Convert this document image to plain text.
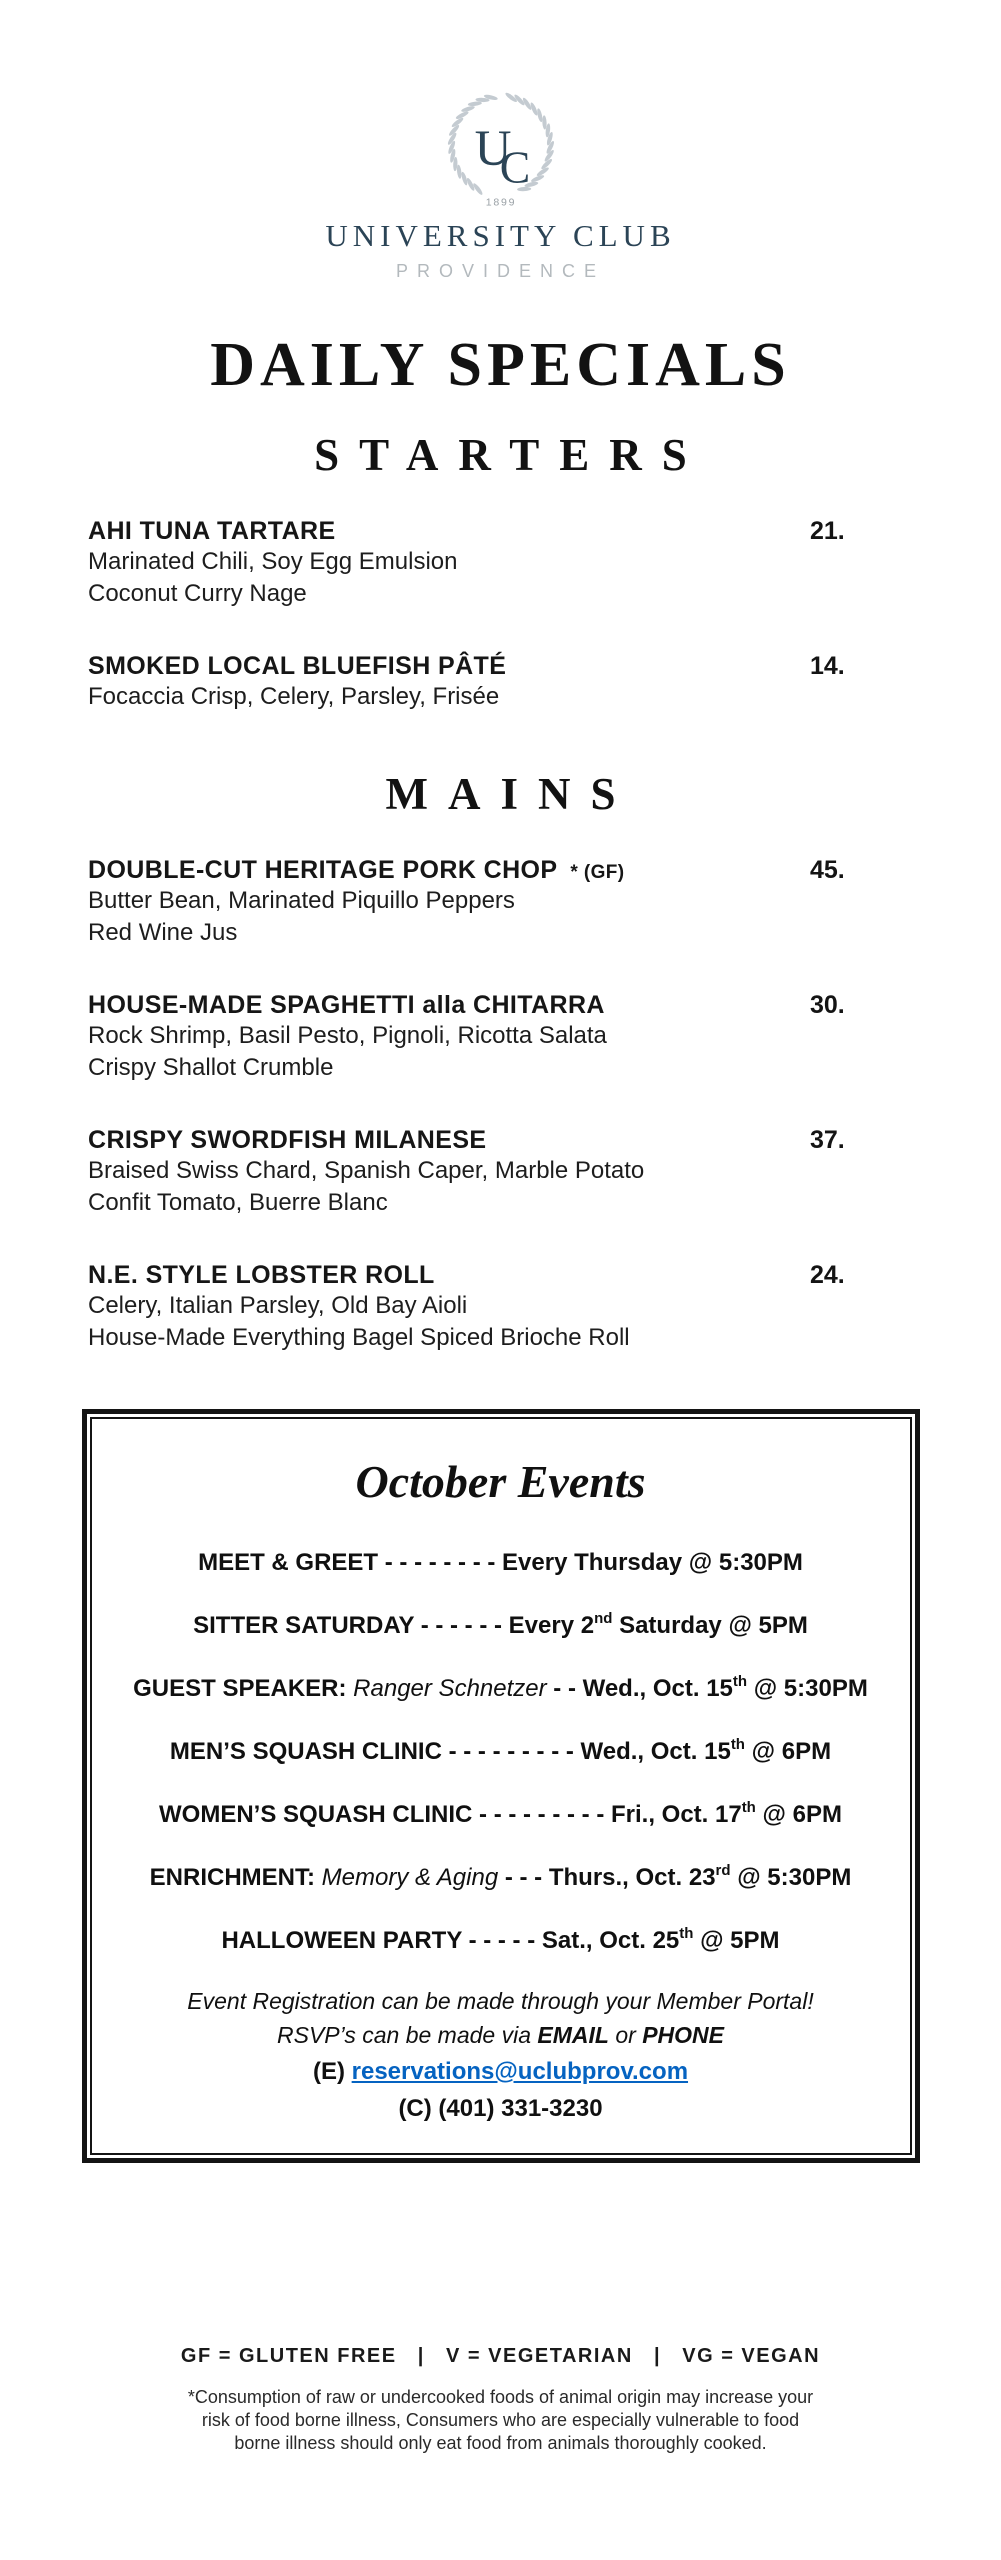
U
C
1899
UNIVERSITY CLUB
PROVIDENCE
DAILY SPECIALS
STARTERS
AHI TUNA TARTARE	21.
Marinated Chili, Soy Egg Emulsion
Coconut Curry Nage
SMOKED LOCAL BLUEFISH PÂTÉ	14.
Focaccia Crisp, Celery, Parsley, Frisée
MAINS
DOUBLE-CUT HERITAGE PORK CHOP * (GF)	45.
Butter Bean, Marinated Piquillo Peppers
Red Wine Jus
HOUSE-MADE SPAGHETTI alla CHITARRA	30.
Rock Shrimp, Basil Pesto, Pignoli, Ricotta Salata
Crispy Shallot Crumble
CRISPY SWORDFISH MILANESE	37.
Braised Swiss Chard, Spanish Caper, Marble Potato
Confit Tomato, Buerre Blanc
N.E. STYLE LOBSTER ROLL	24.
Celery, Italian Parsley, Old Bay Aioli
House-Made Everything Bagel Spiced Brioche Roll
October Events
MEET & GREET - - - - - - - - Every Thursday @ 5:30PM
SITTER SATURDAY - - - - - - Every 2nd Saturday @ 5PM
GUEST SPEAKER: Ranger Schnetzer - - Wed., Oct. 15th @ 5:30PM
MEN’S SQUASH CLINIC - - - - - - - - - Wed., Oct. 15th @ 6PM
WOMEN’S SQUASH CLINIC - - - - - - - - - Fri., Oct. 17th @ 6PM
ENRICHMENT: Memory & Aging - - - Thurs., Oct. 23rd @ 5:30PM
HALLOWEEN PARTY - - - - - Sat., Oct. 25th @ 5PM
Event Registration can be made through your Member Portal!
RSVP’s can be made via EMAIL or PHONE
(E) reservations@uclubprov.com
(C) (401) 331-3230
GF = GLUTEN FREE   |   V = VEGETARIAN   |   VG = VEGAN
*Consumption of raw or undercooked foods of animal origin may increase your
risk of food borne illness, Consumers who are especially vulnerable to food
borne illness should only eat food from animals thoroughly cooked.
